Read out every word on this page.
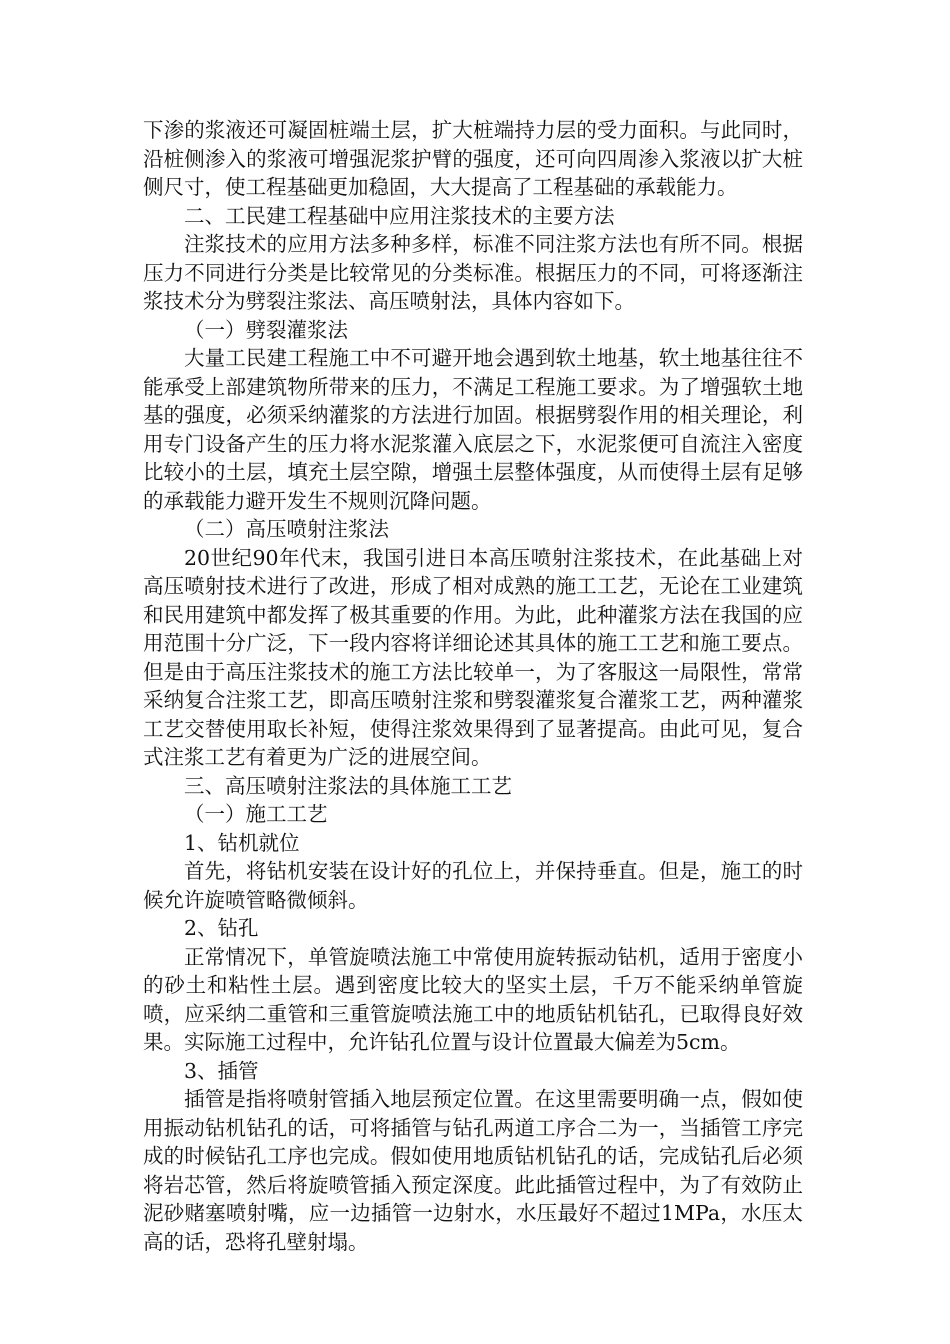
下渗的浆液还可凝固桩端土层，扩大桩端持力层的受力面积。与此同时，沿桩侧渗入的浆液可增强泥浆护臂的强度，还可向四周渗入浆液以扩大桩侧尺寸，使工程基础更加稳固，大大提高了工程基础的承载能力。

二、工民建工程基础中应用注浆技术的主要方法

注浆技术的应用方法多种多样，标准不同注浆方法也有所不同。根据压力不同进行分类是比较常见的分类标准。根据压力的不同，可将逐渐注浆技术分为劈裂注浆法、高压喷射法，具体内容如下。

（一）劈裂灌浆法

大量工民建工程施工中不可避开地会遇到软土地基，软土地基往往不能承受上部建筑物所带来的压力，不满足工程施工要求。为了增强软土地基的强度，必须采纳灌浆的方法进行加固。根据劈裂作用的相关理论，利用专门设备产生的压力将水泥浆灌入底层之下，水泥浆便可自流注入密度比较小的土层，填充土层空隙，增强土层整体强度，从而使得土层有足够的承载能力避开发生不规则沉降问题。

（二）高压喷射注浆法

20世纪90年代末，我国引进日本高压喷射注浆技术，在此基础上对高压喷射技术进行了改进，形成了相对成熟的施工工艺，无论在工业建筑和民用建筑中都发挥了极其重要的作用。为此，此种灌浆方法在我国的应用范围十分广泛，下一段内容将详细论述其具体的施工工艺和施工要点。但是由于高压注浆技术的施工方法比较单一，为了客服这一局限性，常常采纳复合注浆工艺，即高压喷射注浆和劈裂灌浆复合灌浆工艺，两种灌浆工艺交替使用取长补短，使得注浆效果得到了显著提高。由此可见，复合式注浆工艺有着更为广泛的进展空间。

三、高压喷射注浆法的具体施工工艺

（一）施工工艺

1、钻机就位

首先，将钻机安装在设计好的孔位上，并保持垂直。但是，施工的时候允许旋喷管略微倾斜。

2、钻孔

正常情况下，单管旋喷法施工中常使用旋转振动钻机，适用于密度小的砂土和粘性土层。遇到密度比较大的坚实土层，千万不能采纳单管旋喷，应采纳二重管和三重管旋喷法施工中的地质钻机钻孔，已取得良好效果。实际施工过程中，允许钻孔位置与设计位置最大偏差为5cm。

3、插管

插管是指将喷射管插入地层预定位置。在这里需要明确一点，假如使用振动钻机钻孔的话，可将插管与钻孔两道工序合二为一，当插管工序完成的时候钻孔工序也完成。假如使用地质钻机钻孔的话，完成钻孔后必须将岩芯管，然后将旋喷管插入预定深度。此此插管过程中，为了有效防止泥砂赌塞喷射嘴，应一边插管一边射水，水压最好不超过1MPa，水压太高的话，恐将孔壁射塌。
